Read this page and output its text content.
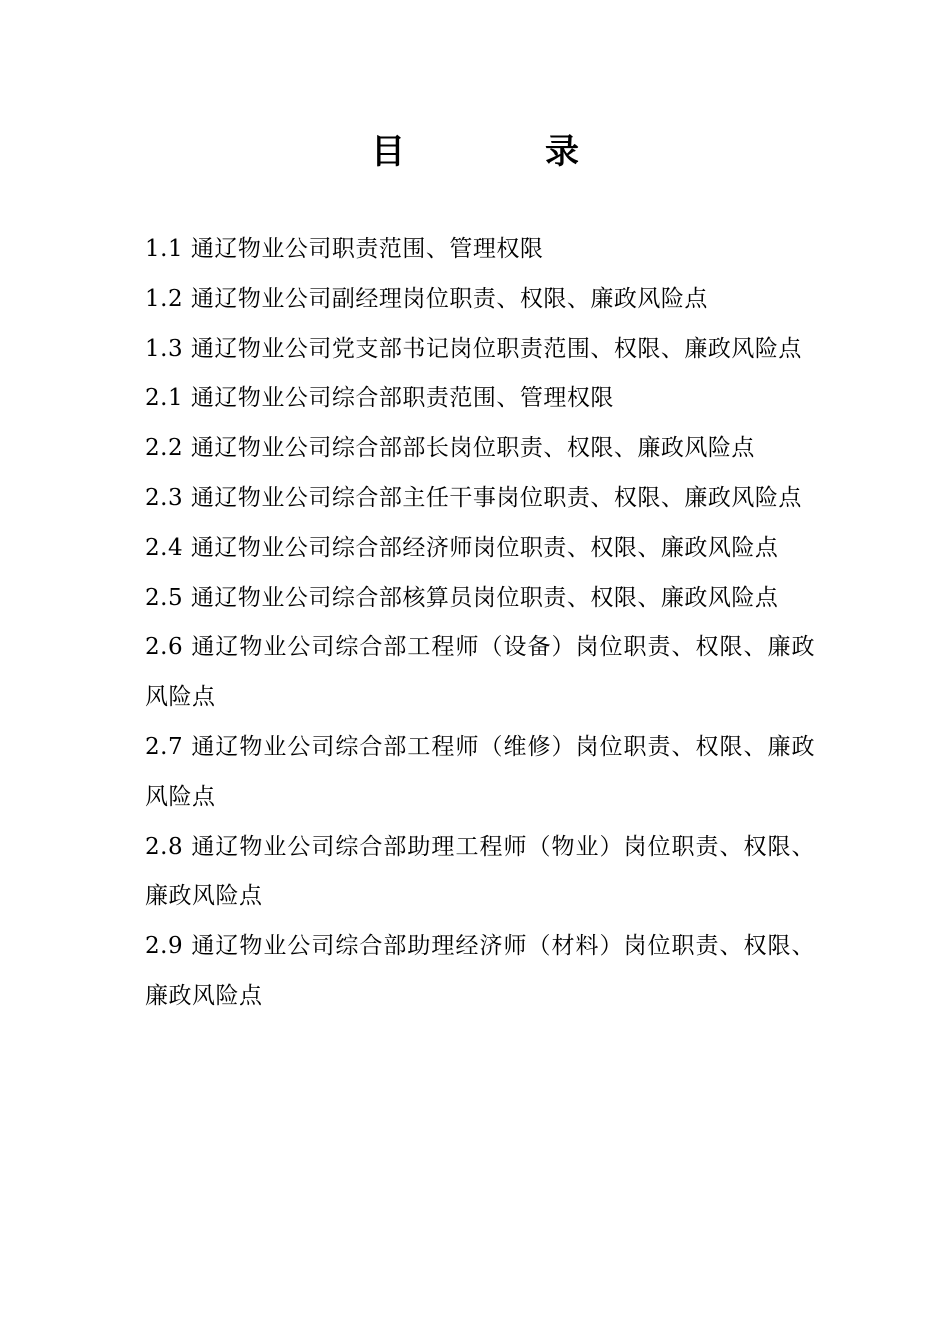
目	录
1.1 通辽物业公司职责范围、管理权限
1.2 通辽物业公司副经理岗位职责、权限、廉政风险点
1.3 通辽物业公司党支部书记岗位职责范围、权限、廉政风险点
2.1 通辽物业公司综合部职责范围、管理权限
2.2 通辽物业公司综合部部长岗位职责、权限、廉政风险点
2.3 通辽物业公司综合部主任干事岗位职责、权限、廉政风险点
2.4 通辽物业公司综合部经济师岗位职责、权限、廉政风险点
2.5 通辽物业公司综合部核算员岗位职责、权限、廉政风险点
2.6 通辽物业公司综合部工程师（设备）岗位职责、权限、廉政风险点
2.7 通辽物业公司综合部工程师（维修）岗位职责、权限、廉政风险点
2.8 通辽物业公司综合部助理工程师（物业）岗位职责、权限、廉政风险点
2.9 通辽物业公司综合部助理经济师（材料）岗位职责、权限、廉政风险点
